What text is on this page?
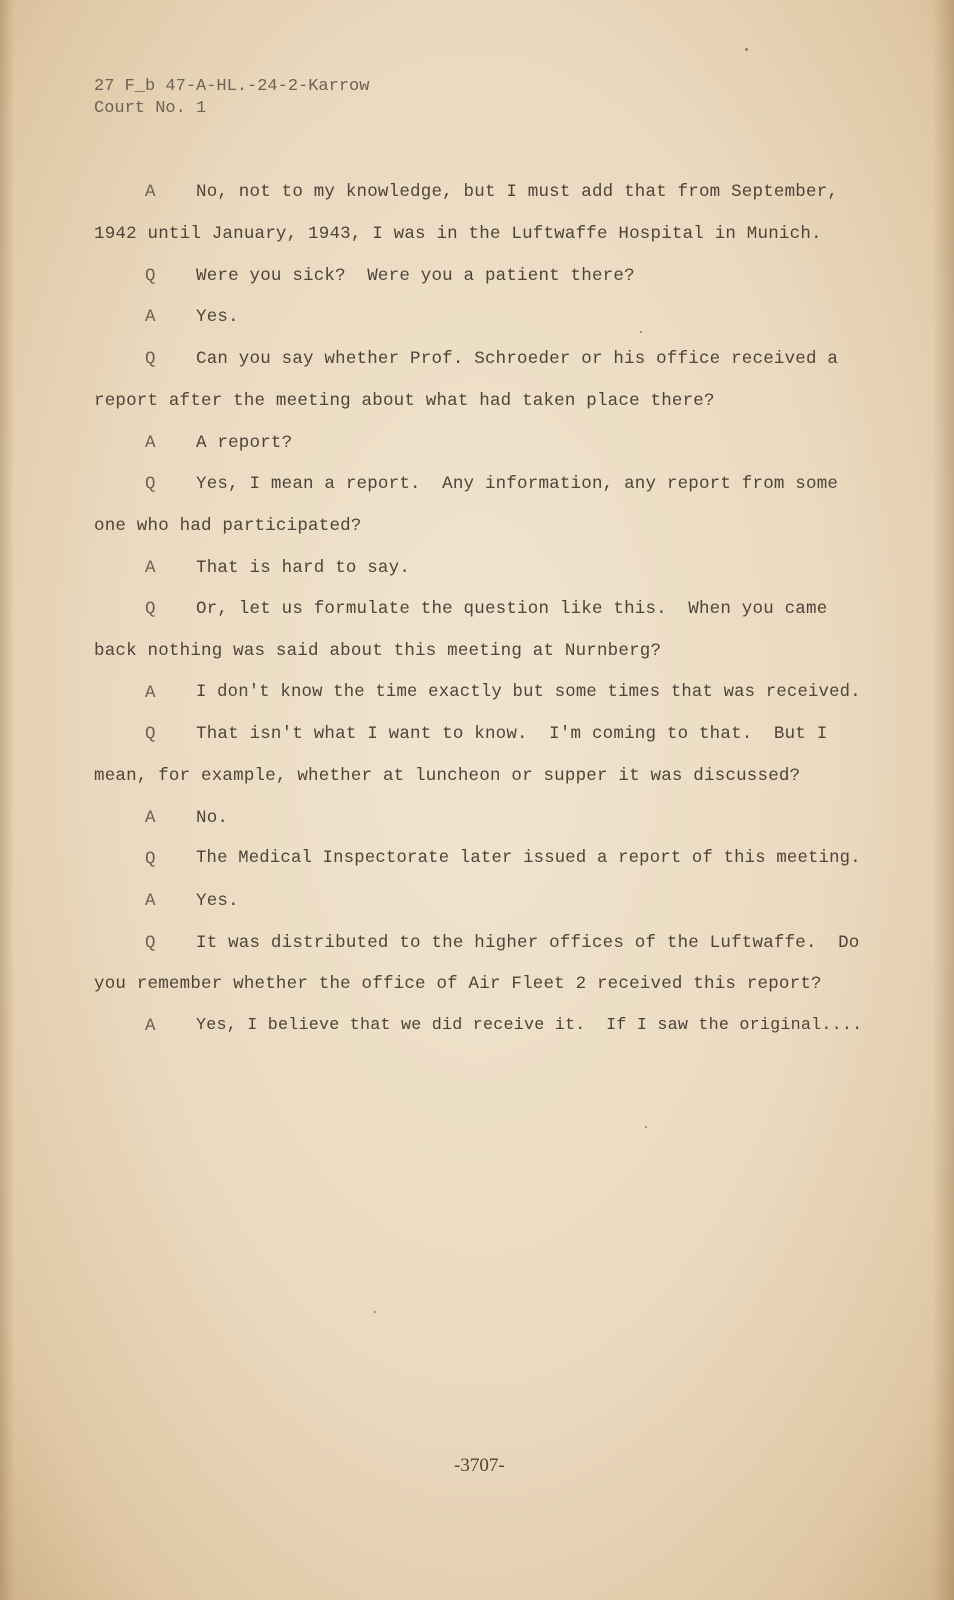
27 F_b 47-A-HL.-24-2-Karrow
Court No. 1
A No, not to my knowledge, but I must add that from September,
1942 until January, 1943, I was in the Luftwaffe Hospital in Munich.
Q Were you sick?  Were you a patient there?
A Yes.
Q Can you say whether Prof. Schroeder or his office received a
report after the meeting about what had taken place there?
A A report?
Q Yes, I mean a report.  Any information, any report from some
one who had participated?
A That is hard to say.
Q Or, let us formulate the question like this.  When you came
back nothing was said about this meeting at Nurnberg?
A I don't know the time exactly but some times that was received.
Q That isn't what I want to know.  I'm coming to that.  But I
mean, for example, whether at luncheon or supper it was discussed?
A No.
Q The Medical Inspectorate later issued a report of this meeting.
A Yes.
Q It was distributed to the higher offices of the Luftwaffe.  Do
you remember whether the office of Air Fleet 2 received this report?
A Yes, I believe that we did receive it.  If I saw the original....
-3707-
